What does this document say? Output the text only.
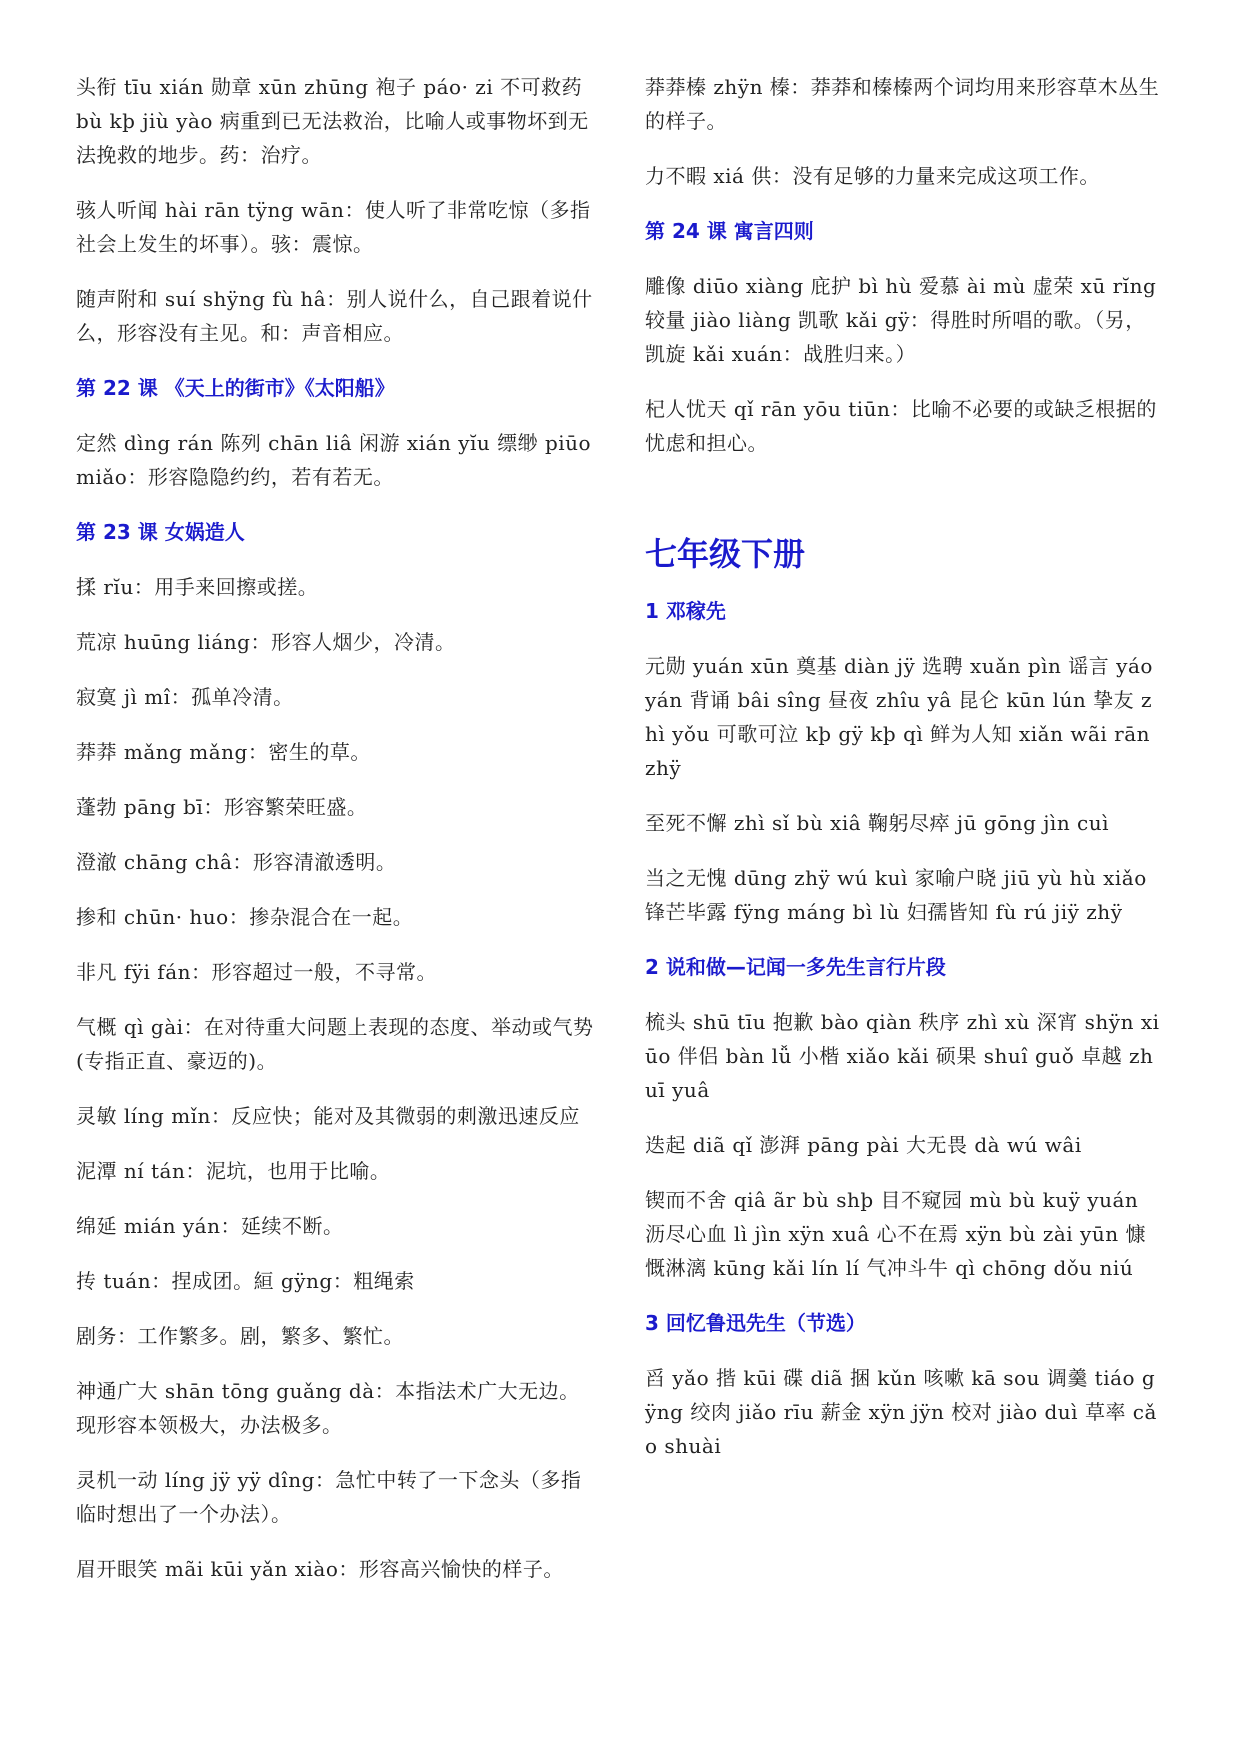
头衔 tīu xián 勋章 xūn zhūng 袍子 páo· zi 不可救药 bù kþ jiù yào 病重到已无法救治，比喻人或事物坏到无法挽救的地步。药：治疗。

骇人听闻 hài rān tÿng wān：使人听了非常吃惊（多指社会上发生的坏事）。骇：震惊。

随声附和 suí shÿng fù hâ：别人说什么，自己跟着说什么，形容没有主见。和：声音相应。

第 22 课 《天上的街市》《太阳船》

定然 dìng rán 陈列 chān liâ 闲游 xián yĭu 缥缈 piūo miǎo：形容隐隐约约，若有若无。

第 23 课 女娲造人

揉 rĭu：用手来回擦或搓。

荒凉 huūng liáng：形容人烟少，冷清。

寂寞 jì mî：孤单冷清。

莽莽 mǎng mǎng：密生的草。

蓬勃 pāng bī：形容繁荣旺盛。

澄澈 chāng châ：形容清澈透明。

掺和 chūn· huo：掺杂混合在一起。

非凡 fÿi fán：形容超过一般，不寻常。

气概 qì gài：在对待重大问题上表现的态度、举动或气势(专指正直、豪迈的)。

灵敏 líng mǐn：反应快；能对及其微弱的刺激迅速反应

泥潭 ní tán：泥坑，也用于比喻。

绵延 mián yán：延续不断。

抟 tuán：捏成团。絙 gÿng：粗绳索

剧务：工作繁多。剧，繁多、繁忙。

神通广大 shān tōng guǎng dà：本指法术广大无边。现形容本领极大，办法极多。

灵机一动 líng jÿ yÿ dîng：急忙中转了一下念头（多指临时想出了一个办法）。

眉开眼笑 mãi kūi yǎn xiào：形容高兴愉快的样子。

莽莽榛 zhÿn 榛：莽莽和榛榛两个词均用来形容草木丛生的样子。

力不暇 xiá 供：没有足够的力量来完成这项工作。

第 24 课 寓言四则

雕像 diūo xiàng 庇护 bì hù 爱慕 ài mù 虚荣 xū rĭng 较量 jiào liàng 凯歌 kǎi gÿ：得胜时所唱的歌。（另，凯旋 kǎi xuán：战胜归来。）

杞人忧天 qǐ rān yōu tiūn：比喻不必要的或缺乏根据的忧虑和担心。

七年级下册

1 邓稼先

元勋 yuán xūn 奠基 diàn jÿ 选聘 xuǎn pìn 谣言 yáo yán 背诵 bâi sîng 昼夜 zhîu yâ 昆仑 kūn lún 挚友 zhì yǒu 可歌可泣 kþ gÿ kþ qì 鲜为人知 xiǎn wãi rān zhÿ

至死不懈 zhì sǐ bù xiâ 鞠躬尽瘁 jū gōng jìn cuì

当之无愧 dūng zhÿ wú kuì 家喻户晓 jiū yù hù xiǎo 锋芒毕露 fÿng máng bì lù 妇孺皆知 fù rú jiÿ zhÿ

2 说和做—记闻一多先生言行片段

梳头 shū tīu 抱歉 bào qiàn 秩序 zhì xù 深宵 shÿn xiūo 伴侣 bàn lǚ 小楷 xiǎo kǎi 硕果 shuî guǒ 卓越 zhuī yuâ

迭起 diã qǐ 澎湃 pāng pài 大无畏 dà wú wâi

锲而不舍 qiâ ãr bù shþ 目不窥园 mù bù kuÿ yuán 沥尽心血 lì jìn xÿn xuâ 心不在焉 xÿn bù zài yūn 慷慨淋漓 kūng kǎi lín lí 气冲斗牛 qì chōng dǒu niú

3 回忆鲁迅先生（节选）

舀 yǎo 揩 kūi 碟 diã 捆 kǔn 咳嗽 kā sou 调羹 tiáo gÿng 绞肉 jiǎo rīu 薪金 xÿn jÿn 校对 jiào duì 草率 cǎo shuài
